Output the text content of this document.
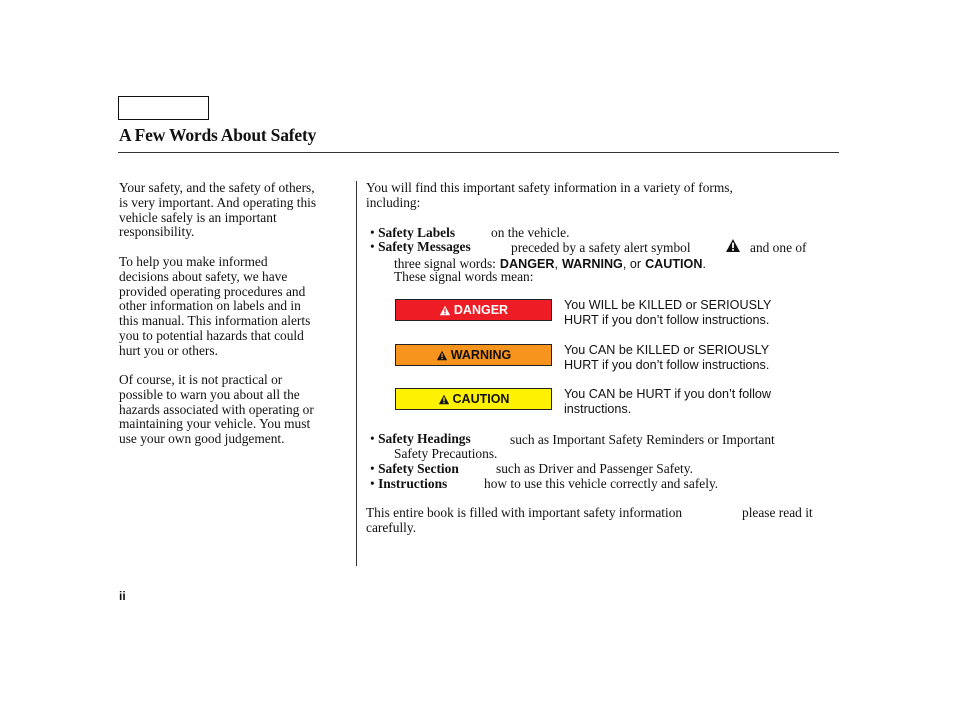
A Few Words About Safety

Your safety, and the safety of others,

is very important. And operating this

vehicle safely is an important

responsibility.

To help you make informed

decisions about safety, we have

provided operating procedures and

other information on labels and in

this manual. This information alerts

you to potential hazards that could

hurt you or others.

Of course, it is not practical or

possible to warn you about all the

hazards associated with operating or

maintaining your vehicle. You must

use your own good judgement.

You will find this important safety information in a variety of forms,

including:

• Safety Labels	on the vehicle.
• Safety Messages	preceded by a safety alert symbol	and one of
three signal words: DANGER, WARNING, or CAUTION.
These signal words mean:
DANGER	You WILL be KILLED or SERIOUSLY

HURT if you don’t follow instructions.

WARNING	You CAN be KILLED or SERIOUSLY

HURT if you don’t follow instructions.

CAUTION	You CAN be HURT if you don’t follow

instructions.

• Safety Headings	such as Important Safety Reminders or Important
Safety Precautions.
• Safety Section	such as Driver and Passenger Safety.
• Instructions	how to use this vehicle correctly and safely.
This entire book is filled with important safety information	please read it
carefully.
ii
